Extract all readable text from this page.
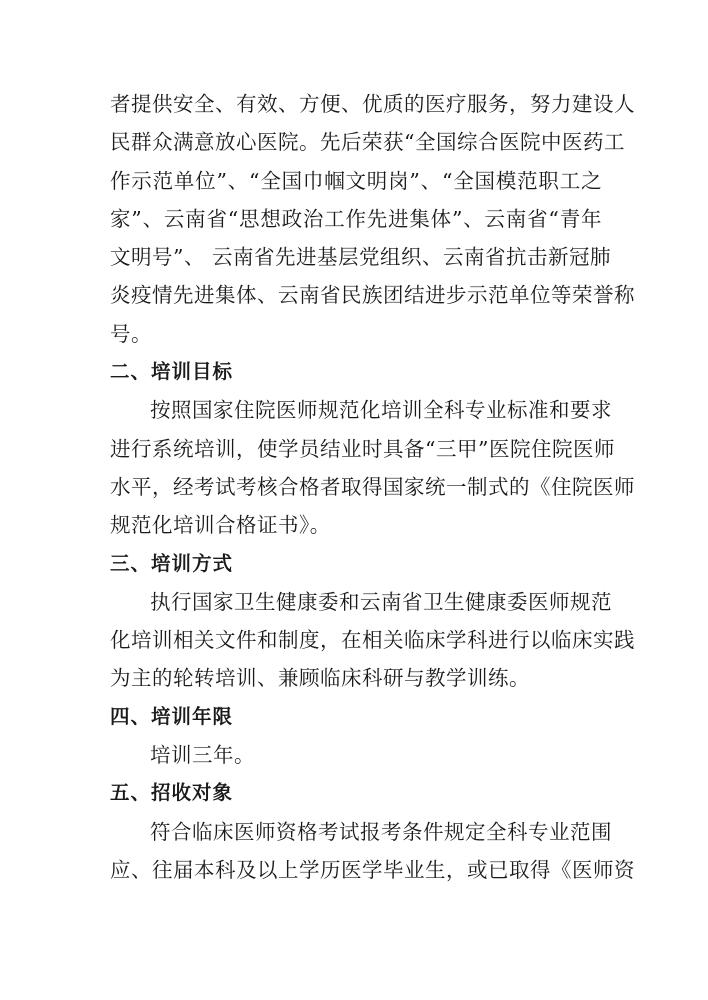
者提供安全、有效、方便、优质的医疗服务，努力建设人
民群众满意放心医院。先后荣获“全国综合医院中医药工
作示范单位”、“全国巾帼文明岗”、“全国模范职工之
家”、云南省“思想政治工作先进集体”、云南省“青年
文明号”、 云南省先进基层党组织、云南省抗击新冠肺
炎疫情先进集体、云南省民族团结进步示范单位等荣誉称
号。
二、培训目标
按照国家住院医师规范化培训全科专业标准和要求
进行系统培训，使学员结业时具备“三甲”医院住院医师
水平，经考试考核合格者取得国家统一制式的《住院医师
规范化培训合格证书》。
三、培训方式
执行国家卫生健康委和云南省卫生健康委医师规范
化培训相关文件和制度，在相关临床学科进行以临床实践
为主的轮转培训、兼顾临床科研与教学训练。
四、培训年限
培训三年。
五、招收对象
符合临床医师资格考试报考条件规定全科专业范围
应、往届本科及以上学历医学毕业生，或已取得《医师资
